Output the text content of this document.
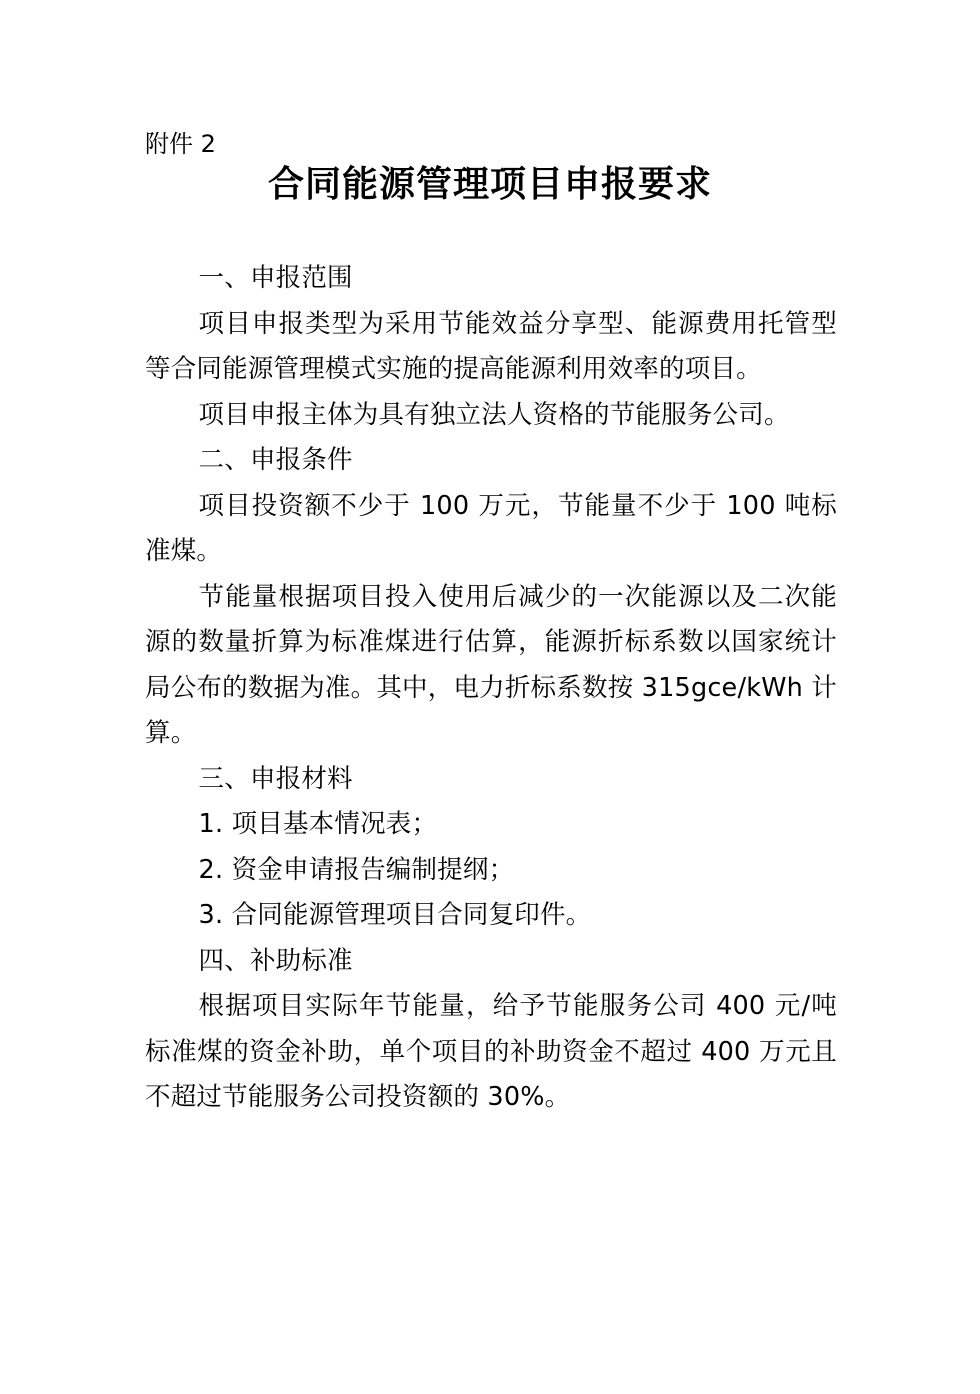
附件 2
合同能源管理项目申报要求

一、申报范围

项目申报类型为采用节能效益分享型、能源费用托管型等合同能源管理模式实施的提高能源利用效率的项目。

项目申报主体为具有独立法人资格的节能服务公司。

二、申报条件

项目投资额不少于 100 万元，节能量不少于 100 吨标准煤。

节能量根据项目投入使用后减少的一次能源以及二次能源的数量折算为标准煤进行估算，能源折标系数以国家统计局公布的数据为准。其中，电力折标系数按 315gce/kWh 计算。

三、申报材料

1. 项目基本情况表；

2. 资金申请报告编制提纲；

3. 合同能源管理项目合同复印件。

四、补助标准

根据项目实际年节能量，给予节能服务公司 400 元/吨标准煤的资金补助，单个项目的补助资金不超过 400 万元且不超过节能服务公司投资额的 30%。
